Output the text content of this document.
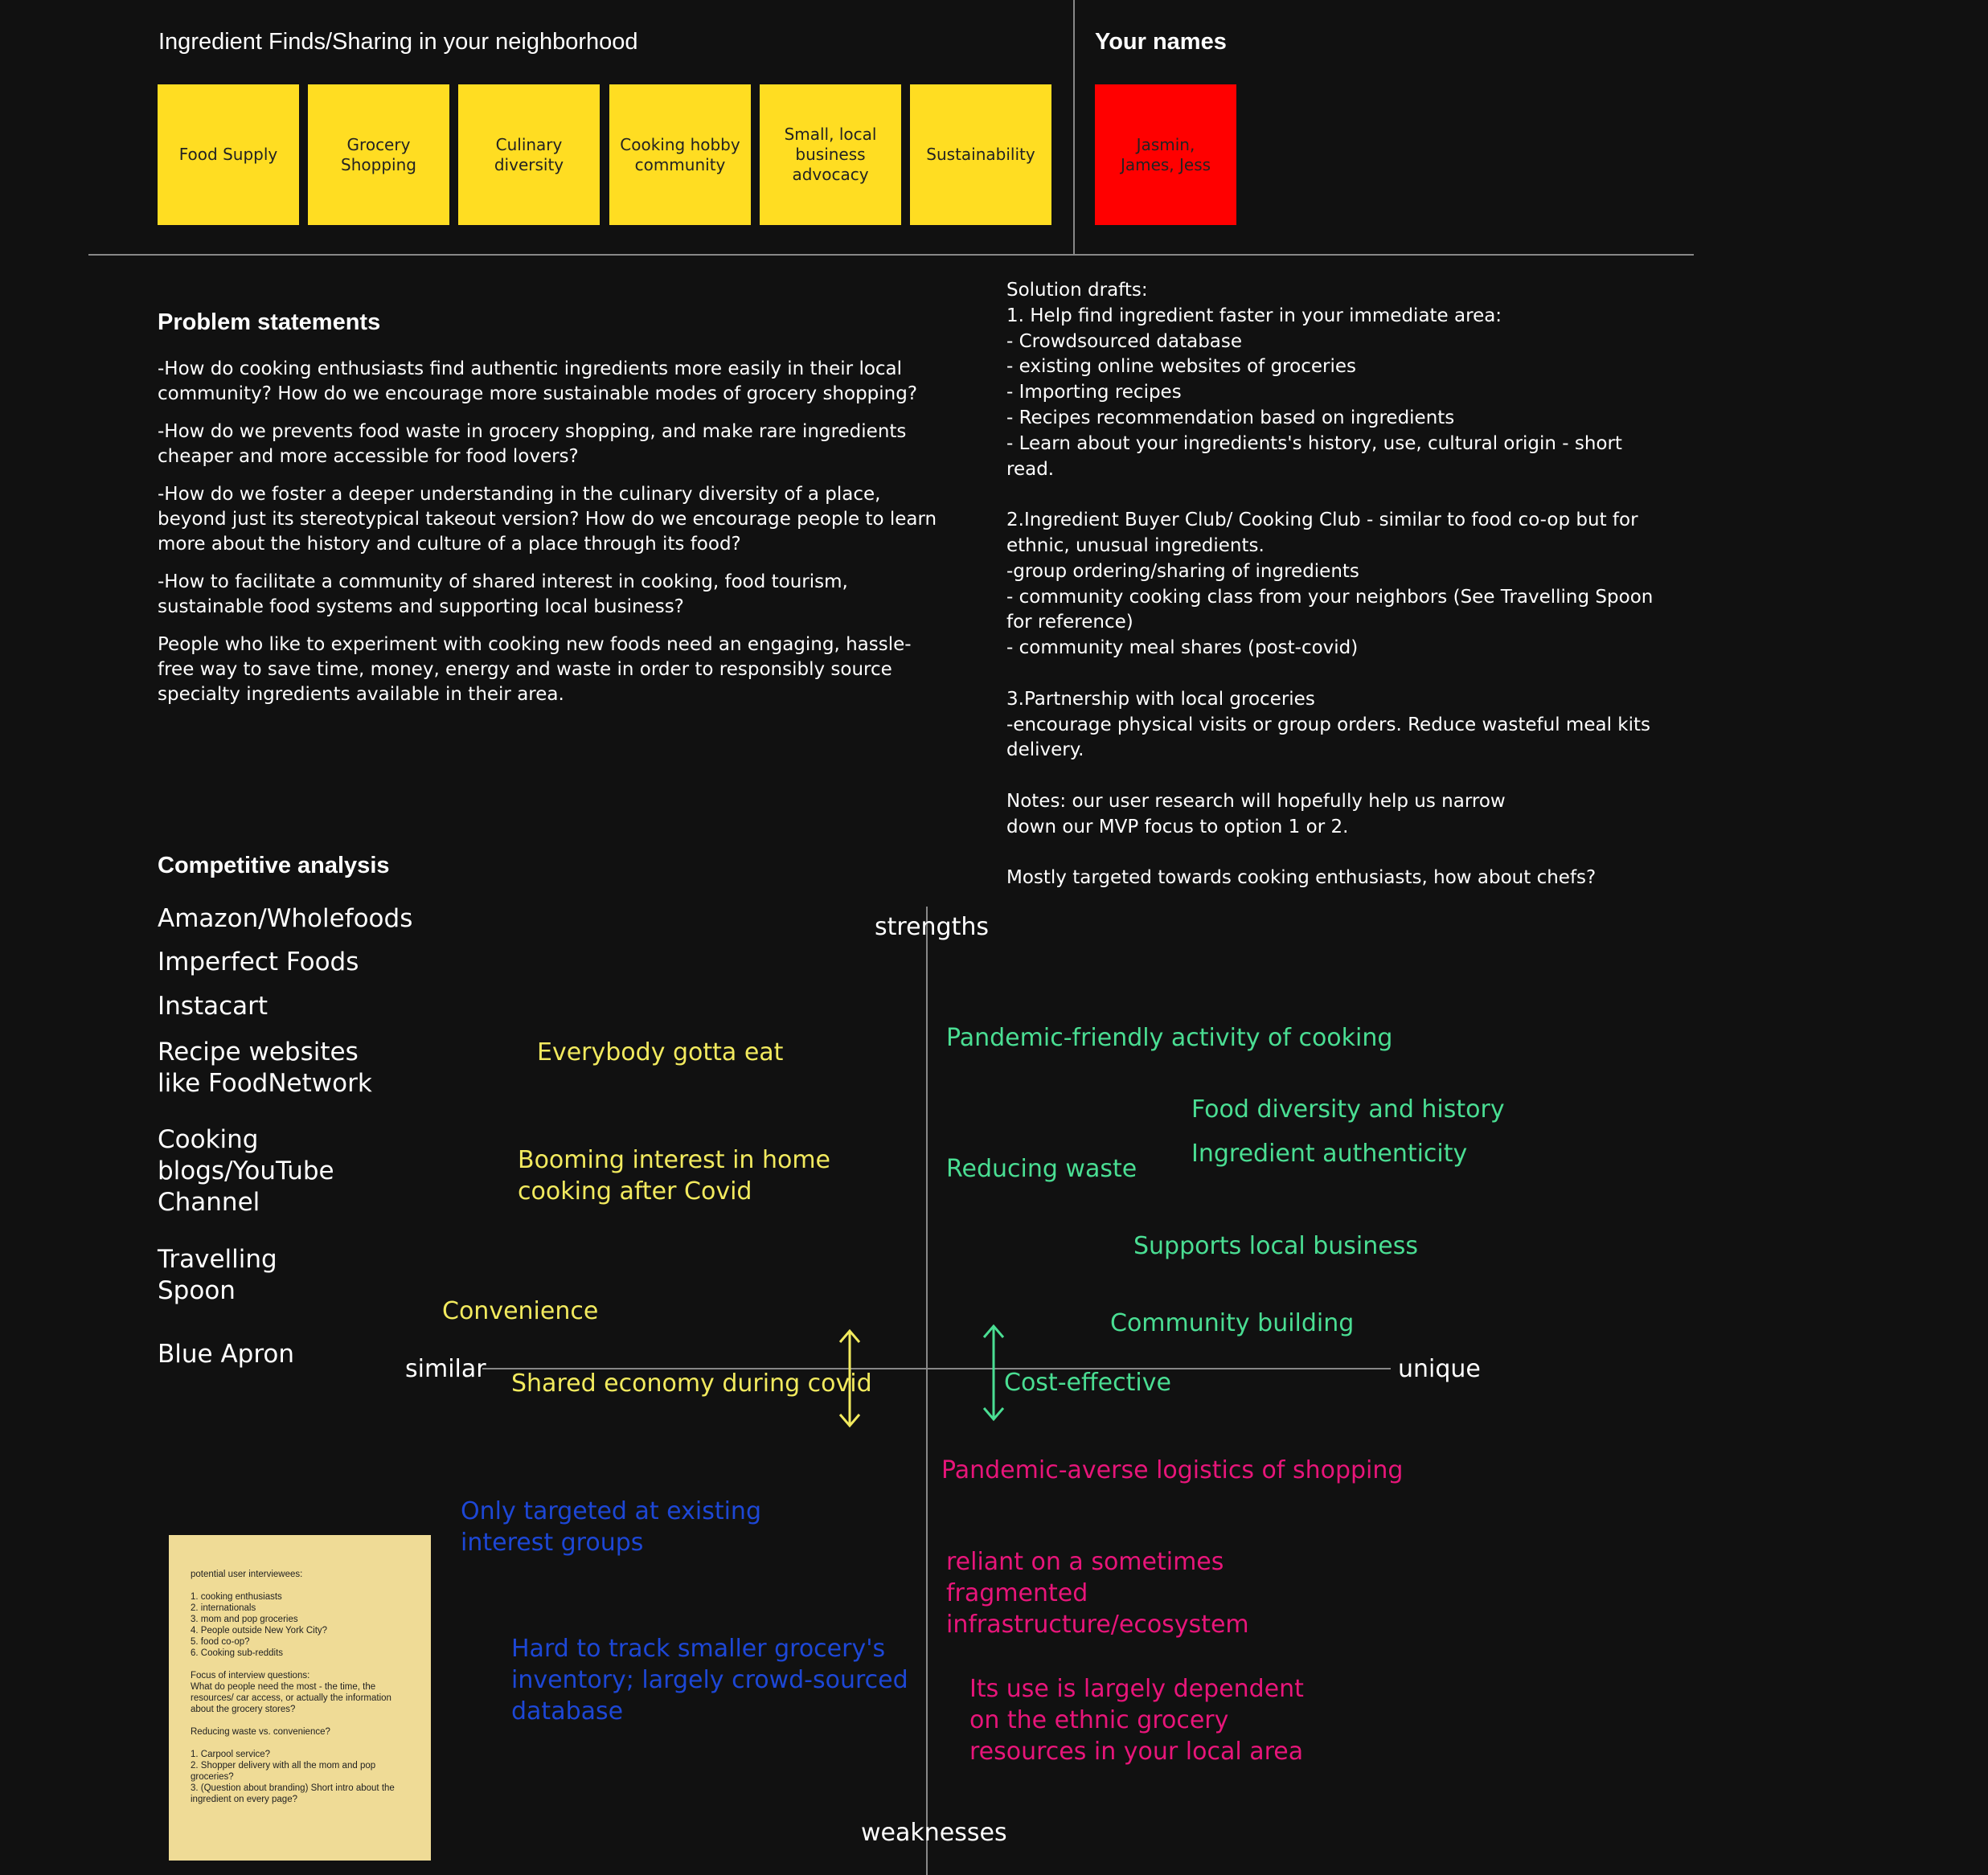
Ingredient Finds/Sharing in your neighborhood	Your names
Food Supply
Grocery Shopping
Culinary diversity
Cooking hobby community
Small, local business advocacy
Sustainability
Jasmin, James, Jess
Problem statements
-How do cooking enthusiasts find authentic ingredients more easily in their local community? How do we encourage more sustainable modes of grocery shopping?
-How do we prevents food waste in grocery shopping, and make rare ingredients cheaper and more accessible for food lovers?
-How do we foster a deeper understanding in the culinary diversity of a place, beyond just its stereotypical takeout version? How do we encourage people to learn more about the history and culture of a place through its food?
-How to facilitate a community of shared interest in cooking, food tourism, sustainable food systems and supporting local business?
People who like to experiment with cooking new foods need an engaging, hassle-free way to save time, money, energy and waste in order to responsibly source specialty ingredients available in their area.

Solution drafts:

1. Help find ingredient faster in your immediate area:

- Crowdsourced database

- existing online websites of groceries

- Importing recipes

- Recipes recommendation based on ingredients

- Learn about your ingredients's history, use, cultural origin - short read.

2.Ingredient Buyer Club/ Cooking Club - similar to food co-op but for ethnic, unusual ingredients.

-group ordering/sharing of ingredients

- community cooking class from your neighbors (See Travelling Spoon for reference)

- community meal shares (post-covid)

3.Partnership with local groceries

-encourage physical visits or group orders. Reduce wasteful meal kits delivery.

Notes: our user research will hopefully help us narrow down our MVP focus to option 1 or 2.

Mostly targeted towards cooking enthusiasts, how about chefs?

Competitive analysis
Amazon/Wholefoods
Imperfect Foods
Instacart
Recipe websites like FoodNetwork
Cooking blogs/YouTube Channel
Travelling Spoon
Blue Apron
strengths
weaknesses
similar	unique
Everybody gotta eat
Booming interest in home cooking after Covid
Convenience
Shared economy during covid
Pandemic-friendly activity of cooking
Food diversity and history
Ingredient authenticity
Reducing waste
Supports local business
Community building
Cost-effective
Pandemic-averse logistics of shopping
reliant on a sometimes fragmented infrastructure/ecosystem
Its use is largely dependent on the ethnic grocery resources in your local area
Only targeted at existing interest groups
Hard to track smaller grocery's inventory; largely crowd-sourced database

potential user interviewees:

1. cooking enthusiasts

2. internationals

3. mom and pop groceries

4. People outside New York City?

5. food co-op?

6. Cooking sub-reddits

Focus of interview questions:

What do people need the most - the time, the resources/ car access, or actually the information about the grocery stores?

Reducing waste vs. convenience?

1. Carpool service?

2. Shopper delivery with all the mom and pop groceries?

3. (Question about branding) Short intro about the ingredient on every page?
